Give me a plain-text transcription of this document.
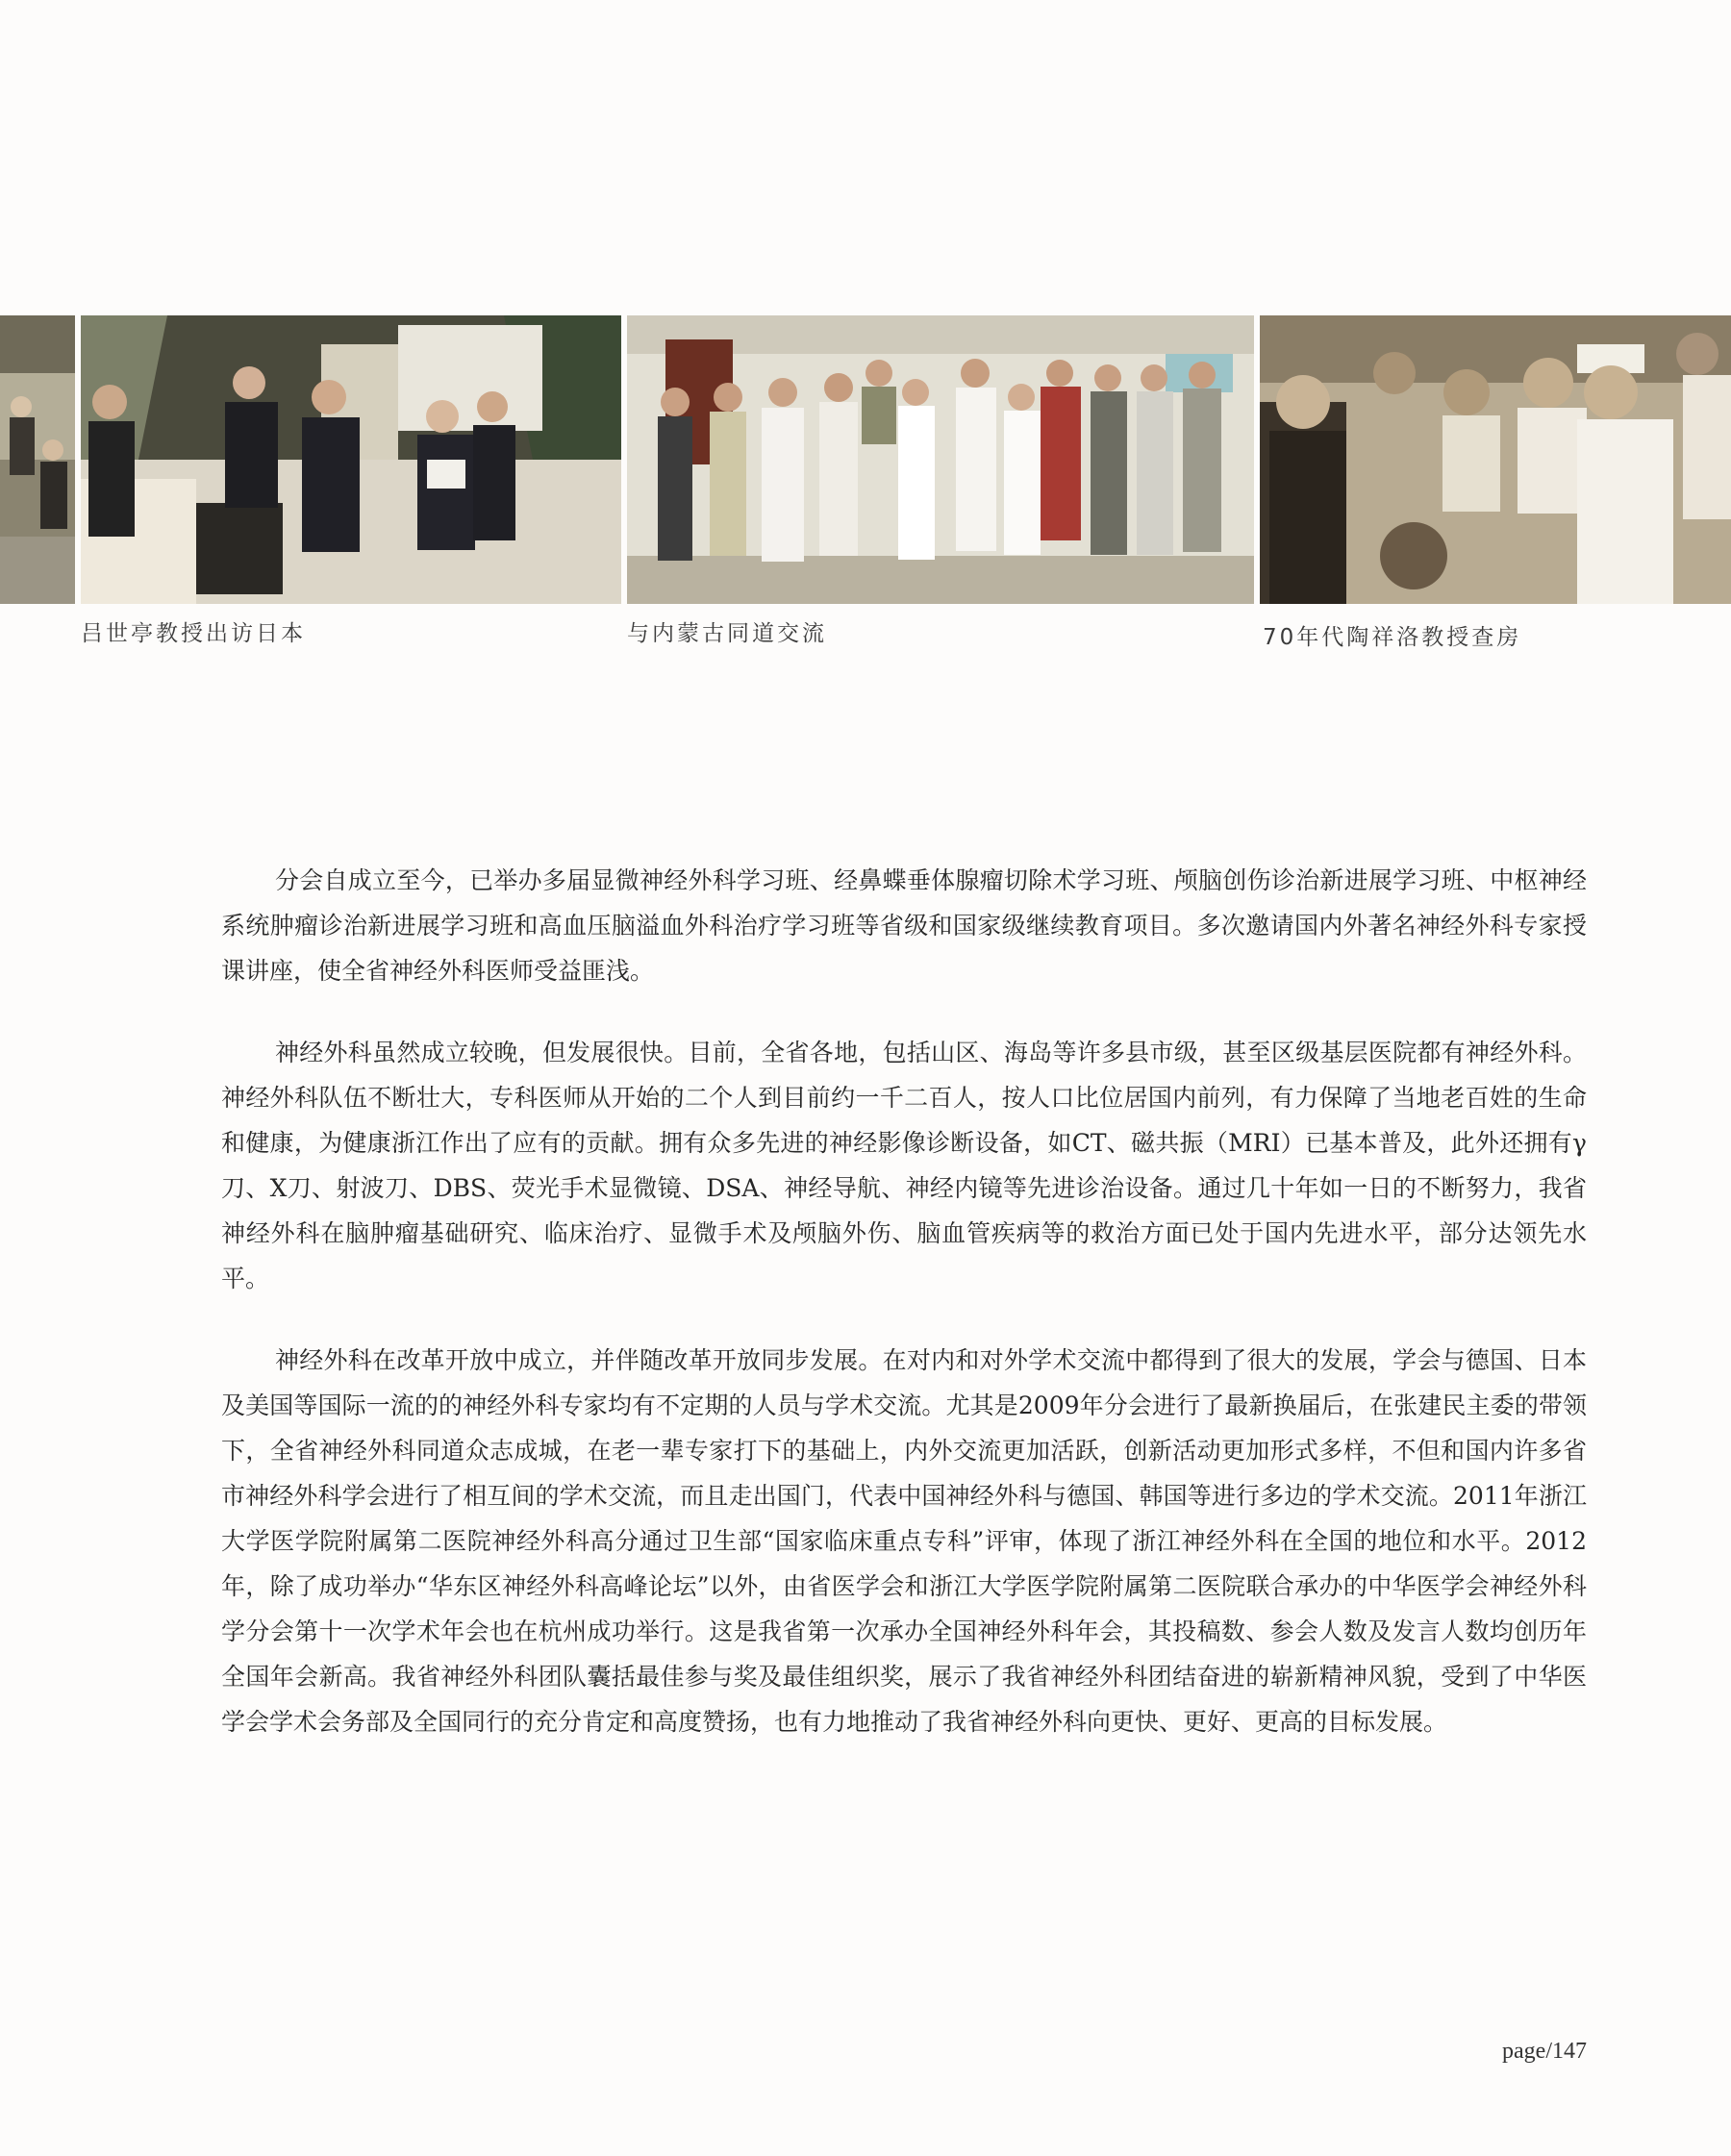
吕世亭教授出访日本	与内蒙古同道交流	70年代陶祥洛教授查房

分会自成立至今，已举办多届显微神经外科学习班、经鼻蝶垂体腺瘤切除术学习班、颅脑创伤诊治新进展学习班、中枢神经系统肿瘤诊治新进展学习班和高血压脑溢血外科治疗学习班等省级和国家级继续教育项目。多次邀请国内外著名神经外科专家授课讲座，使全省神经外科医师受益匪浅。

神经外科虽然成立较晚，但发展很快。目前，全省各地，包括山区、海岛等许多县市级，甚至区级基层医院都有神经外科。神经外科队伍不断壮大，专科医师从开始的二个人到目前约一千二百人，按人口比位居国内前列，有力保障了当地老百姓的生命和健康，为健康浙江作出了应有的贡献。拥有众多先进的神经影像诊断设备，如CT、磁共振（MRI）已基本普及，此外还拥有γ刀、X刀、射波刀、DBS、荧光手术显微镜、DSA、神经导航、神经内镜等先进诊治设备。通过几十年如一日的不断努力，我省神经外科在脑肿瘤基础研究、临床治疗、显微手术及颅脑外伤、脑血管疾病等的救治方面已处于国内先进水平，部分达领先水平。

神经外科在改革开放中成立，并伴随改革开放同步发展。在对内和对外学术交流中都得到了很大的发展，学会与德国、日本及美国等国际一流的的神经外科专家均有不定期的人员与学术交流。尤其是2009年分会进行了最新换届后，在张建民主委的带领下，全省神经外科同道众志成城，在老一辈专家打下的基础上，内外交流更加活跃，创新活动更加形式多样，不但和国内许多省市神经外科学会进行了相互间的学术交流，而且走出国门，代表中国神经外科与德国、韩国等进行多边的学术交流。2011年浙江大学医学院附属第二医院神经外科高分通过卫生部“国家临床重点专科”评审，体现了浙江神经外科在全国的地位和水平。2012年，除了成功举办“华东区神经外科高峰论坛”以外，由省医学会和浙江大学医学院附属第二医院联合承办的中华医学会神经外科学分会第十一次学术年会也在杭州成功举行。这是我省第一次承办全国神经外科年会，其投稿数、参会人数及发言人数均创历年全国年会新高。我省神经外科团队囊括最佳参与奖及最佳组织奖，展示了我省神经外科团结奋进的崭新精神风貌，受到了中华医学会学术会务部及全国同行的充分肯定和高度赞扬，也有力地推动了我省神经外科向更快、更好、更高的目标发展。

page/147
